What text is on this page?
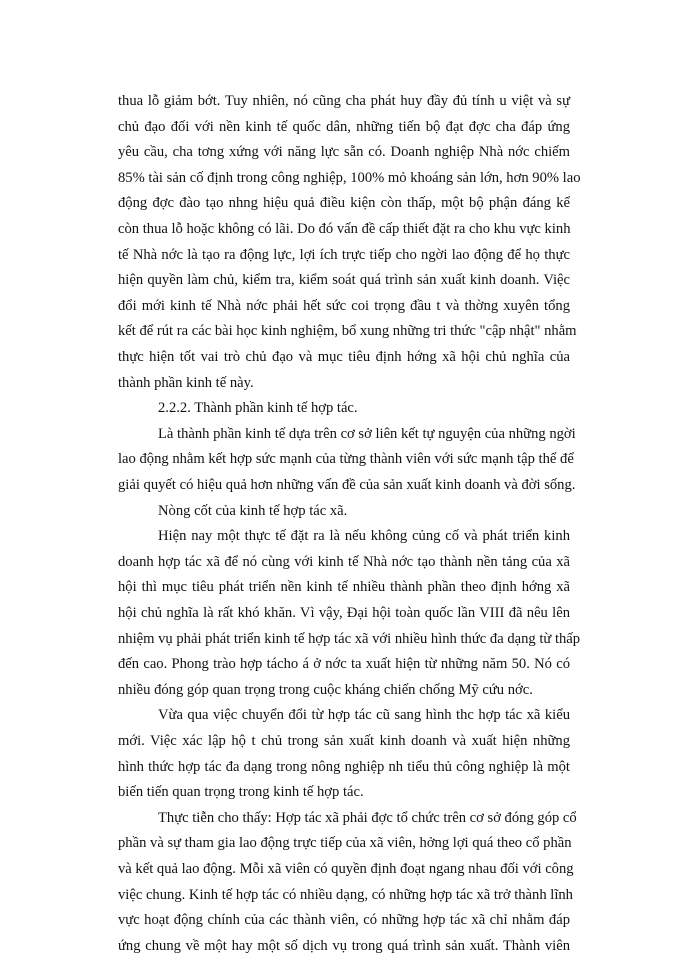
thua lỗ giảm bớt. Tuy nhiên, nó cũng cha phát huy đầy đủ tính u việt và sự
chủ đạo đối với nền kinh tế quốc dân, những tiến bộ đạt đợc cha đáp ứng
yêu cầu, cha tơng xứng với năng lực sẵn có. Doanh nghiệp Nhà nớc chiếm
85% tài sản cố định trong công nghiệp, 100% mỏ khoáng sản lớn, hơn 90% lao
động đợc đào tạo nhng hiệu quả điều kiện còn thấp, một bộ phận đáng kể
còn thua lỗ hoặc không có lãi. Do đó vấn đề cấp thiết đặt ra cho khu vực kinh
tế Nhà nớc là tạo ra động lực, lợi ích trực tiếp cho ngời lao động để họ thực
hiện quyền làm chủ, kiểm tra, kiểm soát quá trình sản xuất kinh doanh. Việc
đổi mới kinh tế Nhà nớc phải hết sức coi trọng đầu t và thờng xuyên tổng
kết để rút ra các bài học kinh nghiệm, bổ xung những tri thức "cập nhật" nhằm
thực hiện tốt vai trò chủ đạo và mục tiêu định hớng xã hội chủ nghĩa của
thành phần kinh tế này.
2.2.2. Thành phần kinh tế hợp tác.
Là thành phần kinh tế dựa trên cơ sở liên kết tự nguyện của những ngời
lao động nhằm kết hợp sức mạnh của từng thành viên với sức mạnh tập thể để
giải quyết có hiệu quả hơn những vấn đề của sản xuất kinh doanh và đời sống.
Nòng cốt của kinh tế hợp tác xã.
Hiện nay một thực tế đặt ra là nếu không củng cố và phát triển kinh
doanh hợp tác xã để nó cùng với kinh tế Nhà nớc tạo thành nền tảng của xã
hội thì mục tiêu phát triển nền kinh tế nhiều thành phần theo định hớng xã
hội chủ nghĩa là rất khó khăn. Vì vậy, Đại hội toàn quốc lần VIII đã nêu lên
nhiệm vụ phải phát triển kinh tế hợp tác xã với nhiều hình thức đa dạng từ thấp
đến cao. Phong trào hợp tácho á ở nớc ta xuất hiện từ những năm 50. Nó có
nhiều đóng góp quan trọng trong cuộc kháng chiến chống Mỹ cứu nớc.
Vừa qua việc chuyển đổi từ hợp tác cũ sang hình thc hợp tác xã kiểu
mới. Việc xác lập hộ t chủ trong sản xuất kinh doanh và xuất hiện những
hình thức hợp tác đa dạng trong nông nghiệp nh tiểu thủ công nghiệp là một
biến tiến quan trọng trong kinh tế hợp tác.
Thực tiễn cho thấy: Hợp tác xã phải đợc tổ chức trên cơ sở đóng góp cổ
phần và sự tham gia lao động trực tiếp của xã viên, hởng lợi quá theo cổ phần
và kết quả lao động. Mỗi xã viên có quyền định đoạt ngang nhau đối với công
việc chung. Kinh tế hợp tác có nhiều dạng, có những hợp tác xã trở thành lĩnh
vực hoạt động chính của các thành viên, có những hợp tác xã chỉ nhằm đáp
ứng chung về một hay một số dịch vụ trong quá trình sản xuất. Thành viên
